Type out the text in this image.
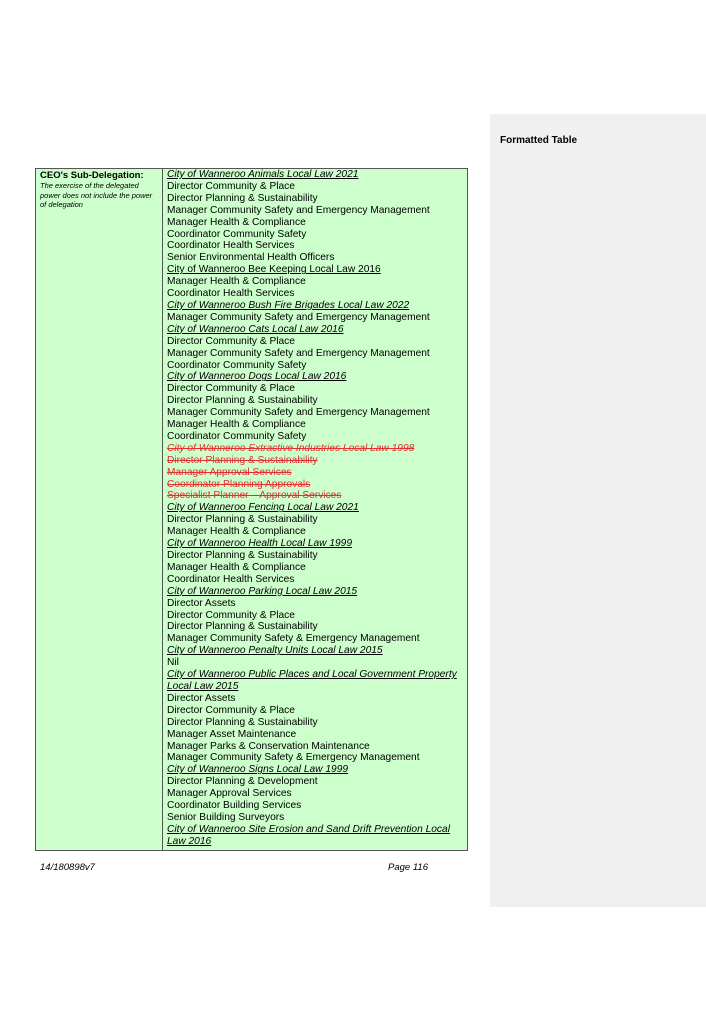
CEO's Sub-Delegation:
The exercise of the delegated power does not include the power of delegation

City of Wanneroo Animals Local Law 2021
Director Community & Place
Director Planning & Sustainability
Manager Community Safety and Emergency Management
Manager Health & Compliance
Coordinator Community Safety
Coordinator Health Services
Senior Environmental Health Officers
City of Wanneroo Bee Keeping Local Law 2016
Manager Health & Compliance
Coordinator Health Services
City of Wanneroo Bush Fire Brigades Local Law 2022
Manager Community Safety and Emergency Management
City of Wanneroo Cats Local Law 2016
Director Community & Place
Manager Community Safety and Emergency Management
Coordinator Community Safety
City of Wanneroo Dogs Local Law 2016
Director Community & Place
Director Planning & Sustainability
Manager Community Safety and Emergency Management
Manager Health & Compliance
Coordinator Community Safety
City of Wanneroo Extractive Industries Local Law 1998
Director Planning & Sustainability
Manager Approval Services
Coordinator Planning Approvals
Specialist Planner – Approval Services
City of Wanneroo Fencing Local Law 2021
Director Planning & Sustainability
Manager Health & Compliance
City of Wanneroo Health Local Law 1999
Director Planning & Sustainability
Manager Health & Compliance
Coordinator Health Services
City of Wanneroo Parking Local Law 2015
Director Assets
Director Community & Place
Director Planning & Sustainability
Manager Community Safety & Emergency Management
City of Wanneroo Penalty Units Local Law 2015
Nil
City of Wanneroo Public Places and Local Government Property Local Law 2015
Director Assets
Director Community & Place
Director Planning & Sustainability
Manager Asset Maintenance
Manager Parks & Conservation Maintenance
Manager Community Safety & Emergency Management
City of Wanneroo Signs Local Law 1999
Director Planning & Development
Manager Approval Services
Coordinator Building Services
Senior Building Surveyors
City of Wanneroo Site Erosion and Sand Drift Prevention Local Law 2016
14/180898v7	Page 116
Formatted Table
